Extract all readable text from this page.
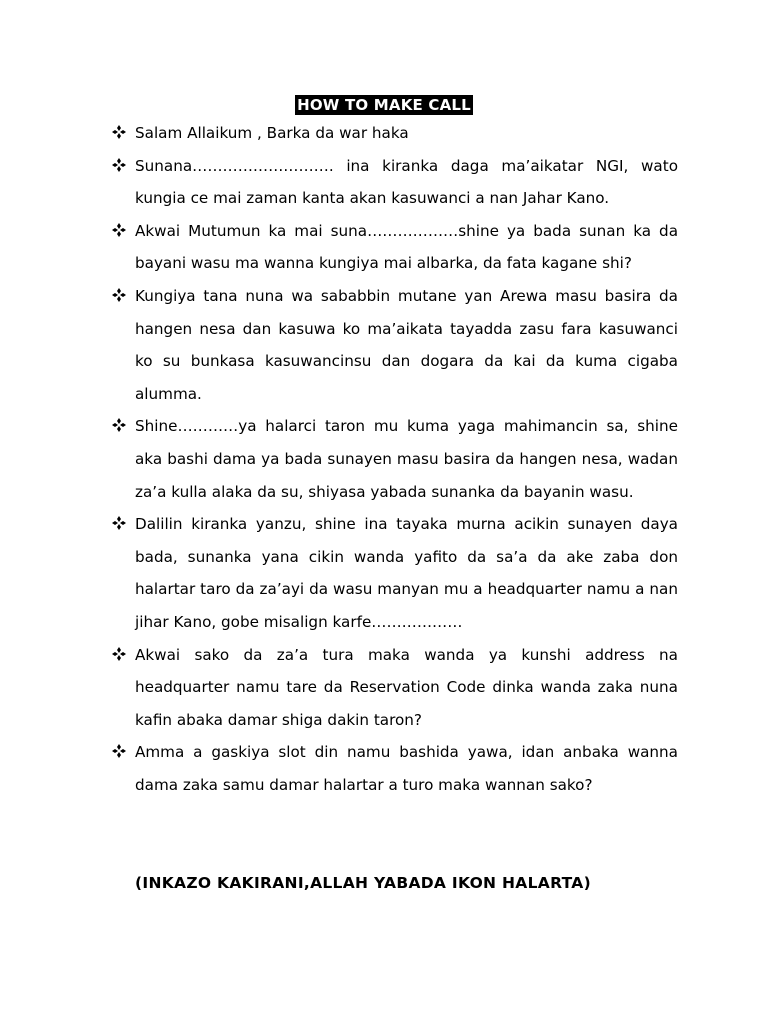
HOW TO MAKE CALL
Salam Allaikum , Barka da war haka
Sunana………………………. ina kiranka daga ma’aikatar NGI, wato kungia ce mai zaman kanta akan kasuwanci a nan Jahar Kano.
Akwai Mutumun ka mai suna………………shine ya bada sunan ka da bayani wasu ma wanna kungiya mai albarka, da fata kagane shi?
Kungiya tana nuna wa sababbin mutane yan Arewa masu basira da hangen nesa dan kasuwa ko ma’aikata tayadda zasu fara kasuwanci ko su bunkasa kasuwancinsu dan dogara da kai da kuma cigaba alumma.
Shine…………ya halarci taron mu kuma yaga mahimancin sa, shine aka bashi dama ya bada sunayen masu basira da hangen nesa, wadan za’a kulla alaka da su, shiyasa yabada sunanka da bayanin wasu.
Dalilin kiranka yanzu, shine ina tayaka murna acikin sunayen daya bada, sunanka yana cikin wanda yafito da sa’a da ake zaba don halartar taro da za’ayi da wasu manyan mu a headquarter namu a nan jihar Kano, gobe misalign karfe………………
Akwai sako da za’a tura maka wanda ya kunshi address na headquarter namu tare da Reservation Code dinka wanda zaka nuna kafin abaka damar shiga dakin taron?
Amma a gaskiya slot din namu bashida yawa, idan anbaka wanna dama zaka samu damar halartar a turo maka wannan sako?
(INKAZO KAKIRANI,ALLAH YABADA IKON HALARTA)
